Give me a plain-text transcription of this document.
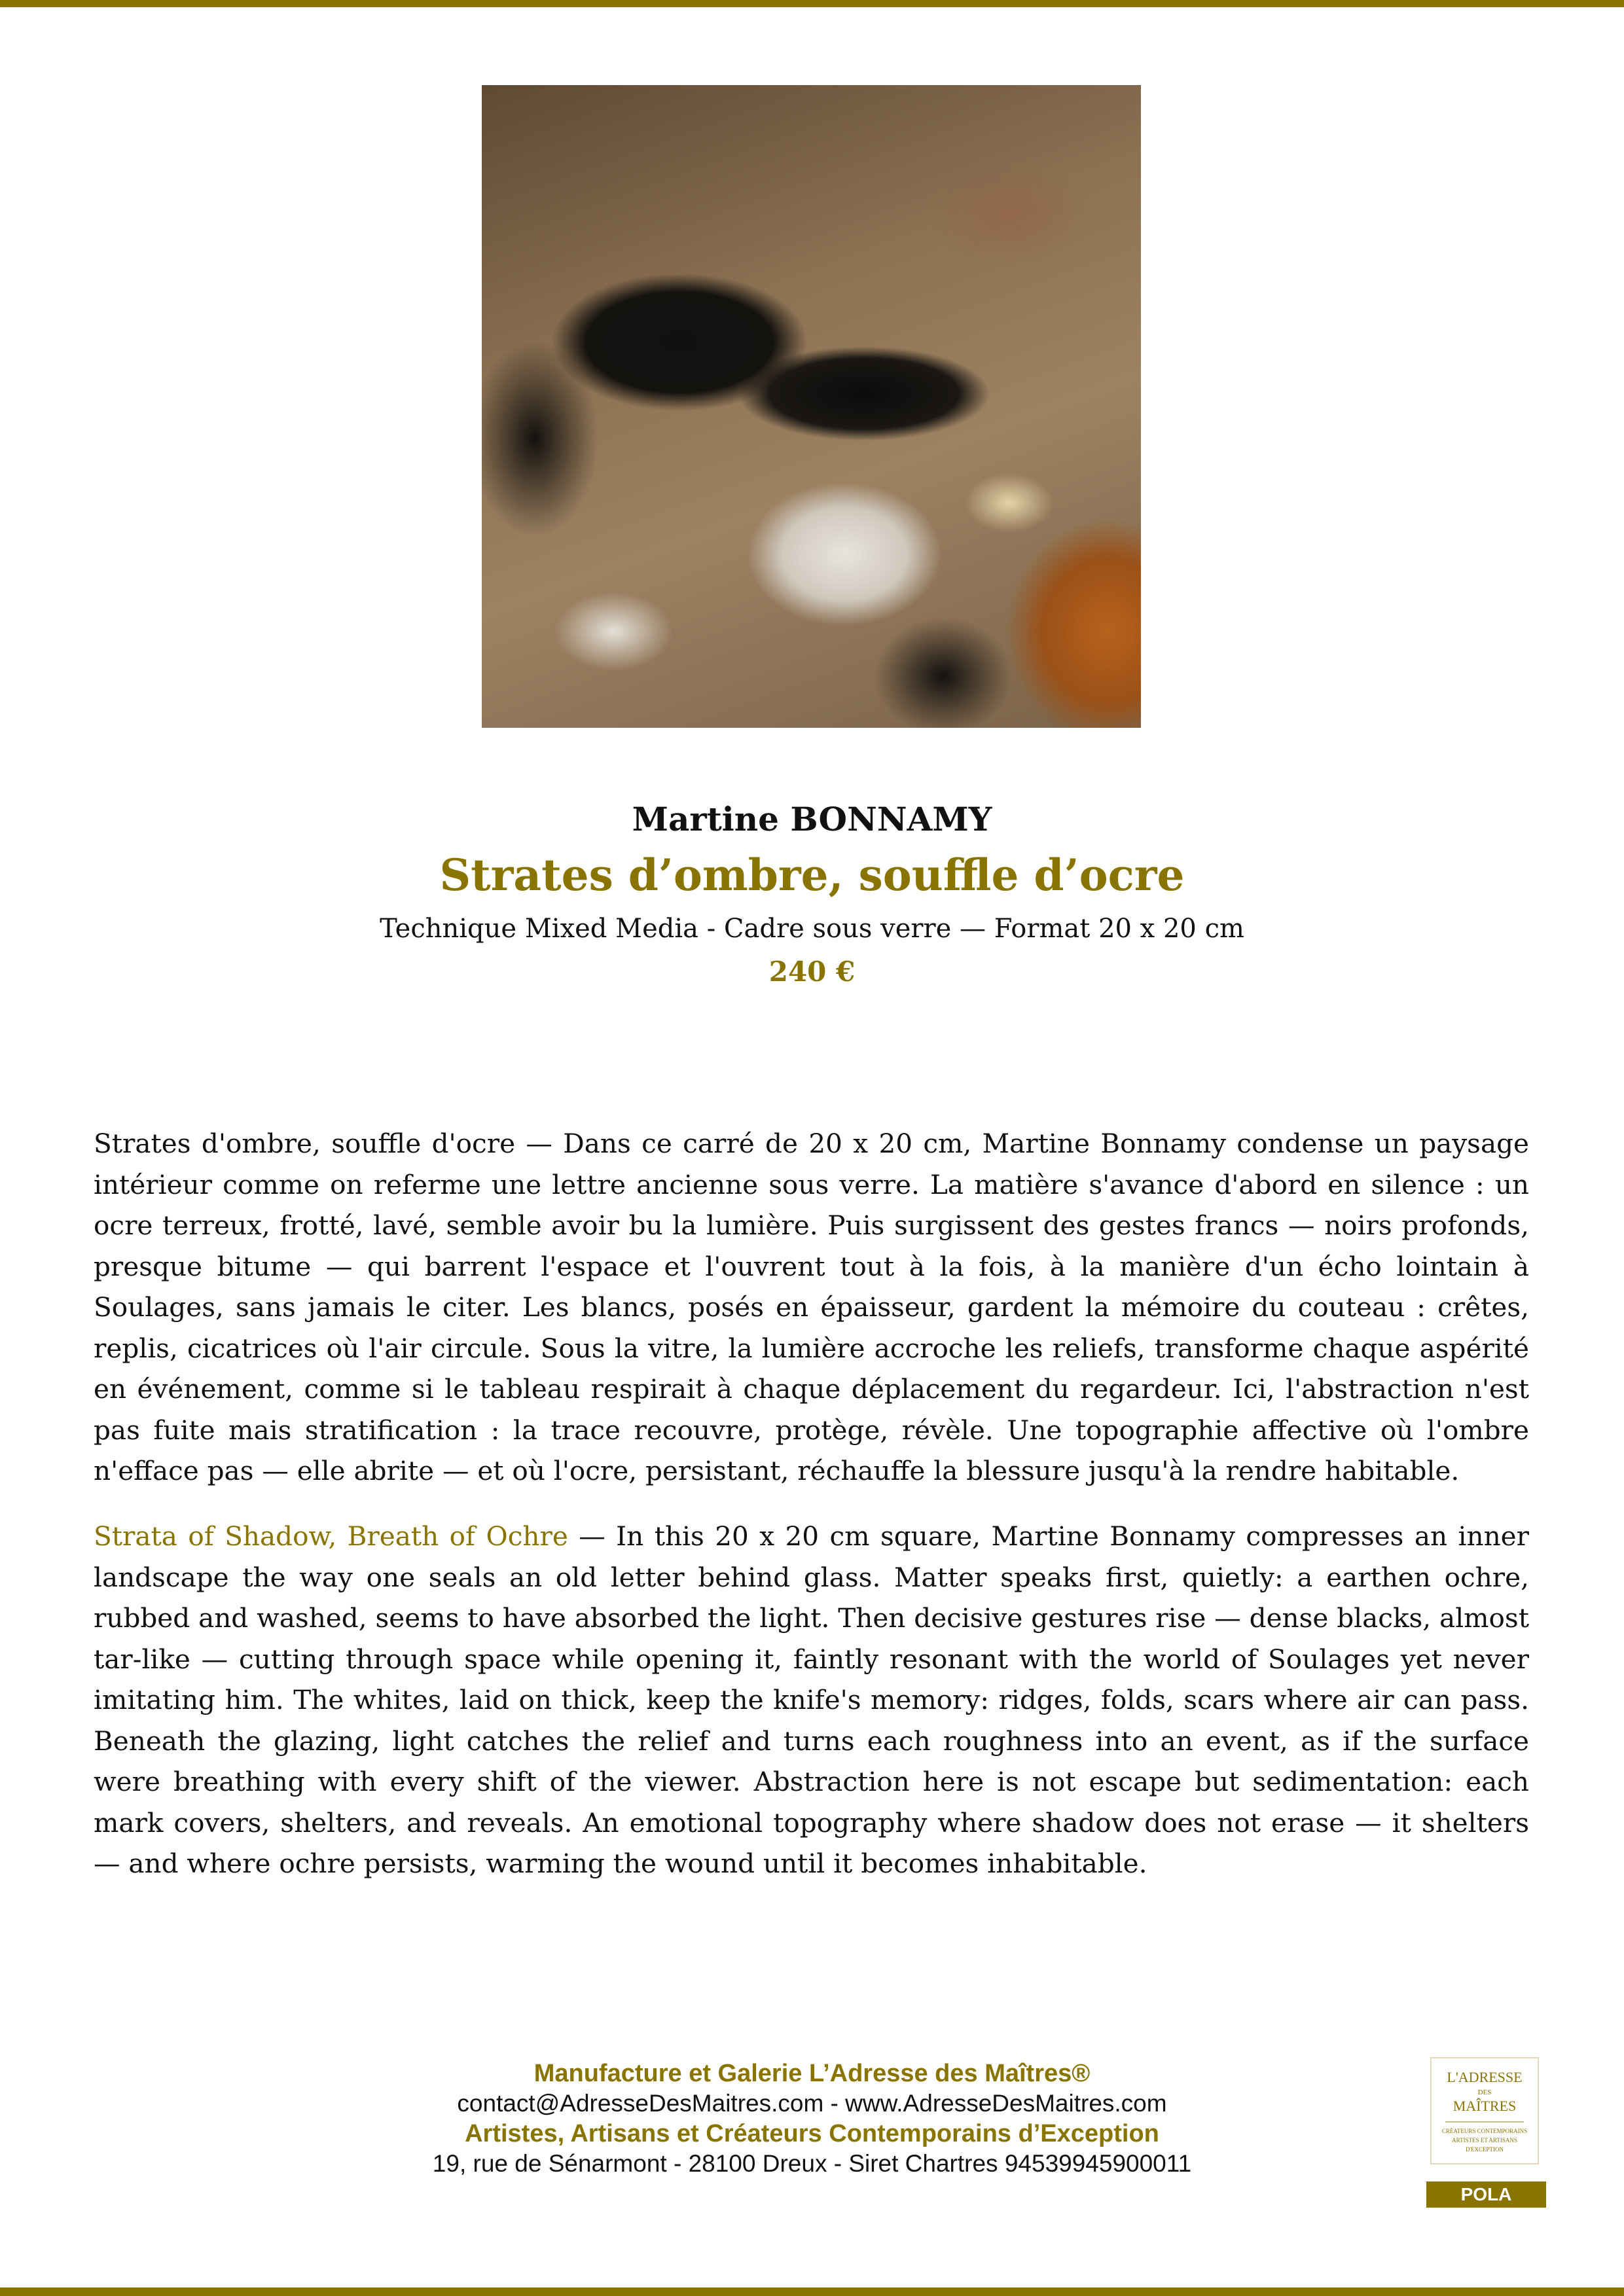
Martine BONNAMY
Strates d’ombre, souffle d’ocre
Technique Mixed Media - Cadre sous verre — Format 20 x 20 cm
240 €

Strates d'ombre, souffle d'ocre — Dans ce carré de 20 x 20 cm, Martine Bonnamy condense un paysage intérieur comme on referme une lettre ancienne sous verre. La matière s'avance d'abord en silence : un ocre terreux, frotté, lavé, semble avoir bu la lumière. Puis surgissent des gestes francs — noirs profonds, presque bitume — qui barrent l'espace et l'ouvrent tout à la fois, à la manière d'un écho lointain à Soulages, sans jamais le citer. Les blancs, posés en épaisseur, gardent la mémoire du couteau : crêtes, replis, cicatrices où l'air circule. Sous la vitre, la lumière accroche les reliefs, transforme chaque aspérité en événement, comme si le tableau respirait à chaque déplacement du regardeur. Ici, l'abstraction n'est pas fuite mais stratification : la trace recouvre, protège, révèle. Une topographie affective où l'ombre n'efface pas — elle abrite — et où l'ocre, persistant, réchauffe la blessure jusqu'à la rendre habitable.

Strata of Shadow, Breath of Ochre — In this 20 x 20 cm square, Martine Bonnamy compresses an inner landscape the way one seals an old letter behind glass. Matter speaks first, quietly: a earthen ochre, rubbed and washed, seems to have absorbed the light. Then decisive gestures rise — dense blacks, almost tar-like — cutting through space while opening it, faintly resonant with the world of Soulages yet never imitating him. The whites, laid on thick, keep the knife's memory: ridges, folds, scars where air can pass. Beneath the glazing, light catches the relief and turns each roughness into an event, as if the surface were breathing with every shift of the viewer. Abstraction here is not escape but sedimentation: each mark covers, shelters, and reveals. An emotional topography where shadow does not erase — it shelters — and where ochre persists, warming the wound until it becomes inhabitable.

Manufacture et Galerie L’Adresse des Maîtres®
contact@AdresseDesMaitres.com - www.AdresseDesMaitres.com
Artistes, Artisans et Créateurs Contemporains d’Exception
19, rue de Sénarmont - 28100 Dreux - Siret Chartres 94539945900011
L'ADRESSE
DES
MAÎTRES
CRÉATEURS CONTEMPORAINS
ARTISTES ET ARTISANS
D'EXCEPTION
POLA
